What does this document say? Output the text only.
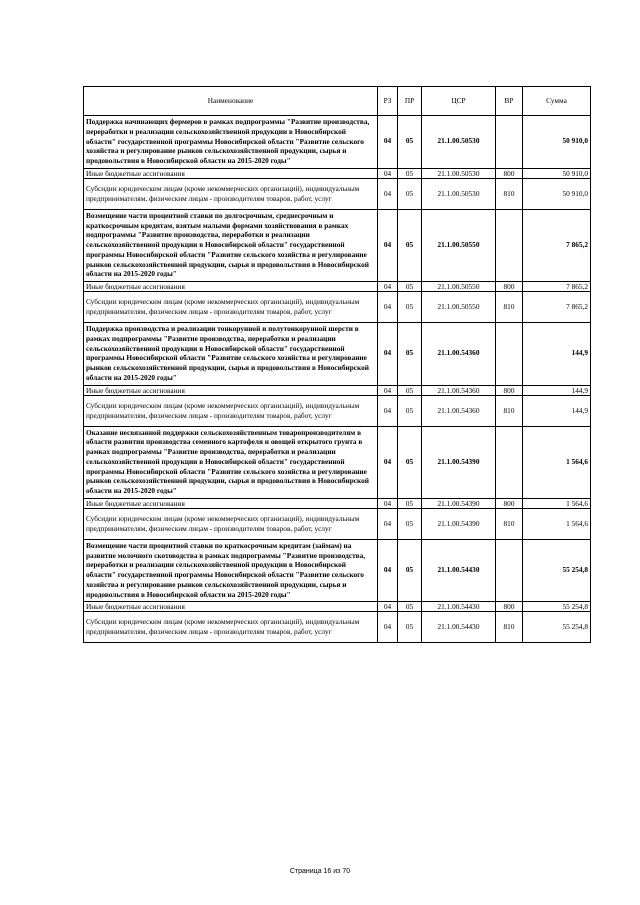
Наименование	РЗ	ПР	ЦСР	ВР	Сумма
Поддержка начинающих фермеров в рамках подпрограммы "Развитие производства, переработки и реализации сельскохозяйственной продукции в Новосибирской области" государственной программы Новосибирской области "Развитие сельского хозяйства и регулирование рынков сельскохозяйственной продукции, сырья и продовольствия в Новосибирской области на 2015-2020 годы"	04	05	21.1.00.50530		50 910,0
Иные бюджетные ассигнования	04	05	21.1.00.50530	800	50 910,0
Субсидии юридическим лицам (кроме некоммерческих организаций), индивидуальным предпринимателям, физическим лицам - производителям товаров, работ, услуг	04	05	21.1.00.50530	810	50 910,0
Возмещение части процентной ставки по долгосрочным, среднесрочным и краткосрочным кредитам, взятым малыми формами хозяйствования в рамках подпрограммы "Развитие производства, переработки и реализации сельскохозяйственной продукции в Новосибирской области" государственной программы Новосибирской области "Развитие сельского хозяйства и регулирование рынков сельскохозяйственной продукции, сырья и продовольствия в Новосибирской области на 2015-2020 годы"	04	05	21.1.00.50550		7 865,2
Иные бюджетные ассигнования	04	05	21.1.00.50550	800	7 865,2
Субсидии юридическим лицам (кроме некоммерческих организаций), индивидуальным предпринимателям, физическим лицам - производителям товаров, работ, услуг	04	05	21.1.00.50550	810	7 865,2
Поддержка производства и реализации тонкорунной и полутонкорунной шерсти в рамках подпрограммы "Развитие производства, переработки и реализации сельскохозяйственной продукции в Новосибирской области" государственной программы Новосибирской области "Развитие сельского хозяйства и регулирование рынков сельскохозяйственной продукции, сырья и продовольствия в Новосибирской области на 2015-2020 годы"	04	05	21.1.00.54360		144,9
Иные бюджетные ассигнования	04	05	21.1.00.54360	800	144,9
Субсидии юридическим лицам (кроме некоммерческих организаций), индивидуальным предпринимателям, физическим лицам - производителям товаров, работ, услуг	04	05	21.1.00.54360	810	144,9
Оказание несвязанной поддержки сельскохозяйственным товаропроизводителям в области развития производства семенного картофеля и овощей открытого грунта в рамках подпрограммы "Развитие производства, переработки и реализации сельскохозяйственной продукции в Новосибирской области" государственной программы Новосибирской области "Развитие сельского хозяйства и регулирование рынков сельскохозяйственной продукции, сырья и продовольствия в Новосибирской области на 2015-2020 годы"	04	05	21.1.00.54390		1 564,6
Иные бюджетные ассигнования	04	05	21.1.00.54390	800	1 564,6
Субсидии юридическим лицам (кроме некоммерческих организаций), индивидуальным предпринимателям, физическим лицам - производителям товаров, работ, услуг	04	05	21.1.00.54390	810	1 564,6
Возмещение части процентной ставки по краткосрочным кредитам (займам) на развитие молочного скотоводства в рамках подпрограммы "Развитие производства, переработки и реализации сельскохозяйственной продукции в Новосибирской области" государственной программы Новосибирской области "Развитие сельского хозяйства и регулирование рынков сельскохозяйственной продукции, сырья и продовольствия в Новосибирской области на 2015-2020 годы"	04	05	21.1.00.54430		55 254,8
Иные бюджетные ассигнования	04	05	21.1.00.54430	800	55 254,8
Субсидии юридическим лицам (кроме некоммерческих организаций), индивидуальным предпринимателям, физическим лицам - производителям товаров, работ, услуг	04	05	21.1.00.54430	810	55 254,8
Страница 16 из 70
